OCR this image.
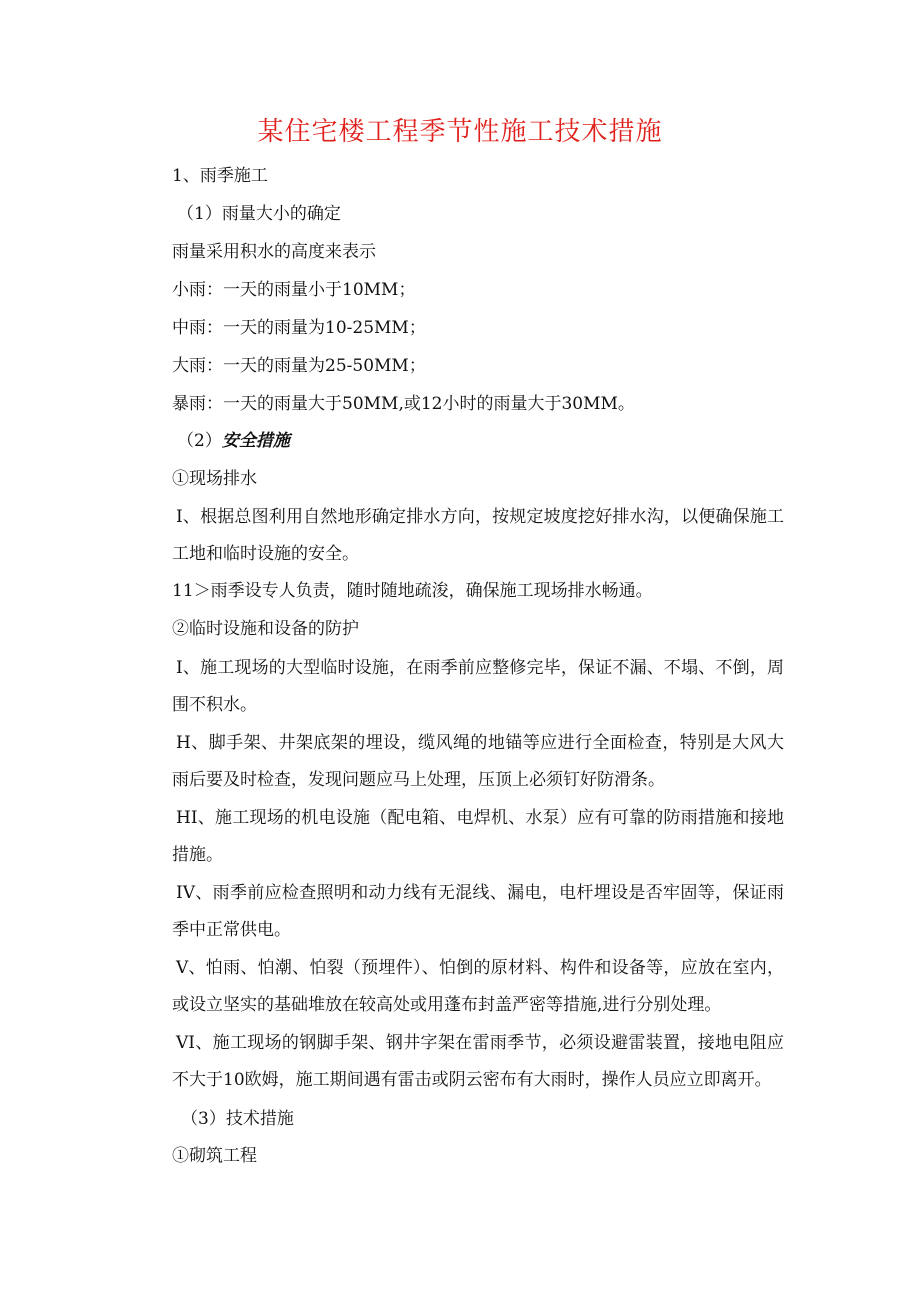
某住宅楼工程季节性施工技术措施

1、雨季施工

（1）雨量大小的确定

雨量采用积水的高度来表示

小雨：一天的雨量小于10MM；

中雨：一天的雨量为10-25MM；

大雨：一天的雨量为25-50MM；

暴雨：一天的雨量大于50MM,或12小时的雨量大于30MM。

（2）安全措施

①现场排水

I、根据总图利用自然地形确定排水方向，按规定坡度挖好排水沟，以便确保施工工地和临时设施的安全。

11＞雨季设专人负责，随时随地疏浚，确保施工现场排水畅通。

②临时设施和设备的防护

I、施工现场的大型临时设施，在雨季前应整修完毕，保证不漏、不塌、不倒，周围不积水。

H、脚手架、井架底架的埋设，缆风绳的地锚等应进行全面检查，特别是大风大雨后要及时检查，发现问题应马上处理，压顶上必须钉好防滑条。

HI、施工现场的机电设施（配电箱、电焊机、水泵）应有可靠的防雨措施和接地措施。

IV、雨季前应检查照明和动力线有无混线、漏电，电杆埋设是否牢固等，保证雨季中正常供电。

V、怕雨、怕潮、怕裂（预埋件）、怕倒的原材料、构件和设备等，应放在室内，或设立坚实的基础堆放在较高处或用蓬布封盖严密等措施,进行分别处理。

VI、施工现场的钢脚手架、钢井字架在雷雨季节，必须设避雷装置，接地电阻应不大于10欧姆，施工期间遇有雷击或阴云密布有大雨时，操作人员应立即离开。

（3）技术措施

①砌筑工程
